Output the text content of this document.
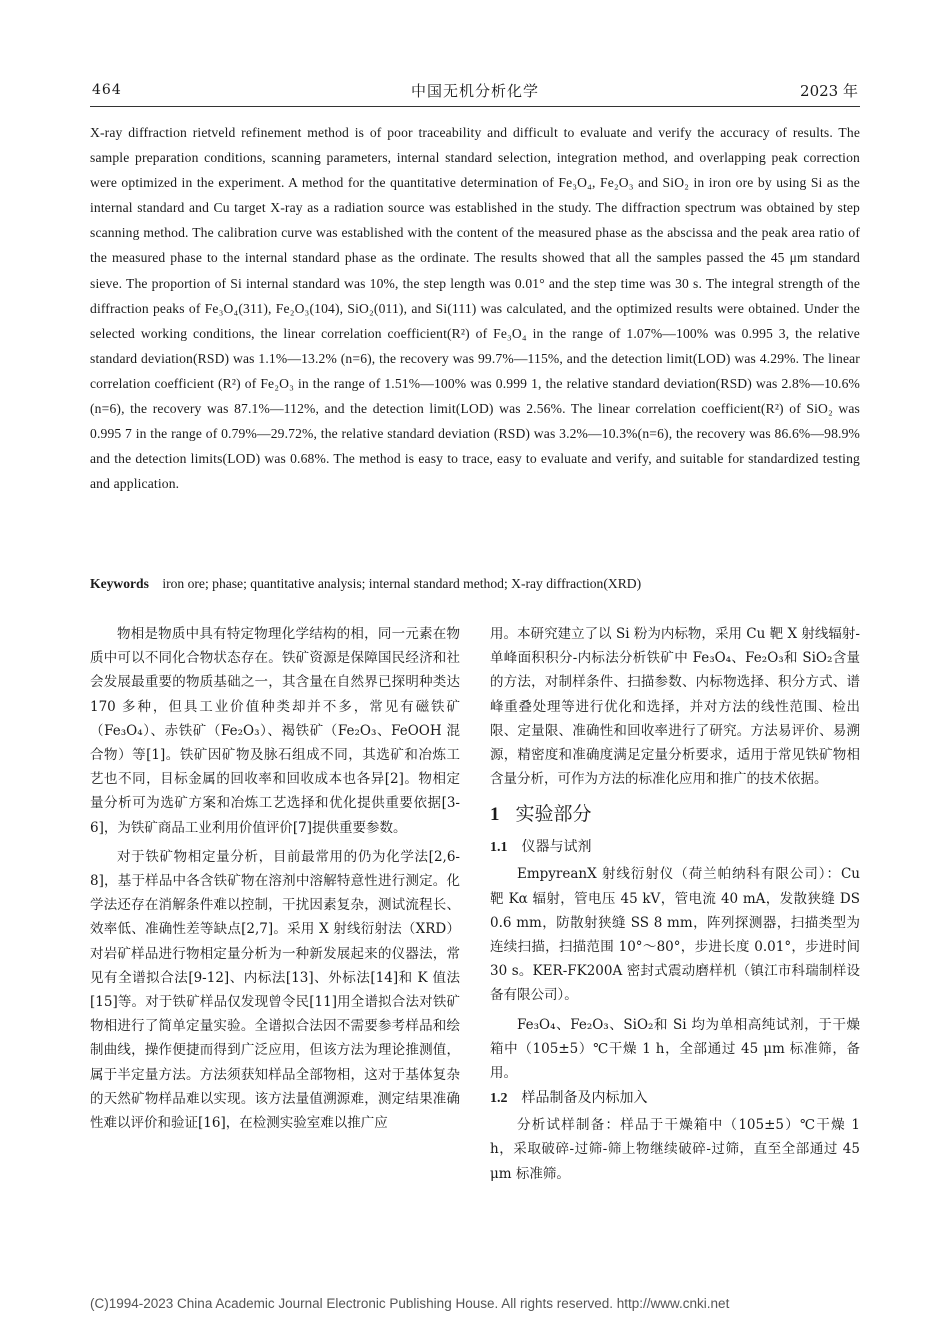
464	中国无机分析化学	2023 年
X-ray diffraction rietveld refinement method is of poor traceability and difficult to evaluate and verify the accuracy of results. The sample preparation conditions, scanning parameters, internal standard selection, integration method, and overlapping peak correction were optimized in the experiment. A method for the quantitative determination of Fe₃O₄, Fe₂O₃ and SiO₂ in iron ore by using Si as the internal standard and Cu target X-ray as a radiation source was established in the study. The diffraction spectrum was obtained by step scanning method. The calibration curve was established with the content of the measured phase as the abscissa and the peak area ratio of the measured phase to the internal standard phase as the ordinate. The results showed that all the samples passed the 45 μm standard sieve. The proportion of Si internal standard was 10%, the step length was 0.01° and the step time was 30 s. The integral strength of the diffraction peaks of Fe₃O₄(311), Fe₂O₃(104), SiO₂(011), and Si(111) was calculated, and the optimized results were obtained. Under the selected working conditions, the linear correlation coefficient(R²) of Fe₃O₄ in the range of 1.07%—100% was 0.995 3, the relative standard deviation(RSD) was 1.1%—13.2% (n=6), the recovery was 99.7%—115%, and the detection limit(LOD) was 4.29%. The linear correlation coefficient (R²) of Fe₂O₃ in the range of 1.51%—100% was 0.999 1, the relative standard deviation(RSD) was 2.8%—10.6%(n=6), the recovery was 87.1%—112%, and the detection limit(LOD) was 2.56%. The linear correlation coefficient(R²) of SiO₂ was 0.995 7 in the range of 0.79%—29.72%, the relative standard deviation (RSD) was 3.2%—10.3%(n=6), the recovery was 86.6%—98.9% and the detection limits(LOD) was 0.68%. The method is easy to trace, easy to evaluate and verify, and suitable for standardized testing and application.
Keywords iron ore; phase; quantitative analysis; internal standard method; X-ray diffraction(XRD)

物相是物质中具有特定物理化学结构的相，同一元素在物质中可以不同化合物状态存在。铁矿资源是保障国民经济和社会发展最重要的物质基础之一，其含量在自然界已探明种类达 170 多种，但具工业价值种类却并不多，常见有磁铁矿（Fe₃O₄）、赤铁矿（Fe₂O₃）、褐铁矿（Fe₂O₃、FeOOH 混合物）等[1]。铁矿因矿物及脉石组成不同，其选矿和冶炼工艺也不同，目标金属的回收率和回收成本也各异[2]。物相定量分析可为选矿方案和冶炼工艺选择和优化提供重要依据[3-6]，为铁矿商品工业利用价值评价[7]提供重要参数。

对于铁矿物相定量分析，目前最常用的仍为化学法[2,6-8]，基于样品中各含铁矿物在溶剂中溶解特意性进行测定。化学法还存在消解条件难以控制，干扰因素复杂，测试流程长、效率低、准确性差等缺点[2,7]。采用 X 射线衍射法（XRD）对岩矿样品进行物相定量分析为一种新发展起来的仪器法，常见有全谱拟合法[9-12]、内标法[13]、外标法[14]和 K 值法[15]等。对于铁矿样品仅发现曾令民[11]用全谱拟合法对铁矿物相进行了简单定量实验。全谱拟合法因不需要参考样品和绘制曲线，操作便捷而得到广泛应用，但该方法为理论推测值，属于半定量方法。方法须获知样品全部物相，这对于基体复杂的天然矿物样品难以实现。该方法量值溯源难，测定结果准确性难以评价和验证[16]，在检测实验室难以推广应

用。本研究建立了以 Si 粉为内标物，采用 Cu 靶 X 射线辐射-单峰面积积分-内标法分析铁矿中 Fe₃O₄、Fe₂O₃和 SiO₂含量的方法，对制样条件、扫描参数、内标物选择、积分方式、谱峰重叠处理等进行优化和选择，并对方法的线性范围、检出限、定量限、准确性和回收率进行了研究。方法易评价、易溯源，精密度和准确度满足定量分析要求，适用于常见铁矿物相含量分析，可作为方法的标准化应用和推广的技术依据。

1 实验部分
1.1 仪器与试剂

EmpyreanX 射线衍射仪（荷兰帕纳科有限公司）：Cu 靶 Kα 辐射，管电压 45 kV，管电流 40 mA，发散狭缝 DS 0.6 mm，防散射狭缝 SS 8 mm，阵列探测器，扫描类型为连续扫描，扫描范围 10°～80°，步进长度 0.01°，步进时间 30 s。KER-FK200A 密封式震动磨样机（镇江市科瑞制样设备有限公司）。

Fe₃O₄、Fe₂O₃、SiO₂和 Si 均为单相高纯试剂，于干燥箱中（105±5）℃干燥 1 h，全部通过 45 μm 标准筛，备用。

1.2 样品制备及内标加入

分析试样制备：样品于干燥箱中（105±5）℃干燥 1 h，采取破碎-过筛-筛上物继续破碎-过筛，直至全部通过 45 μm 标准筛。

(C)1994-2023 China Academic Journal Electronic Publishing House. All rights reserved. http://www.cnki.net
